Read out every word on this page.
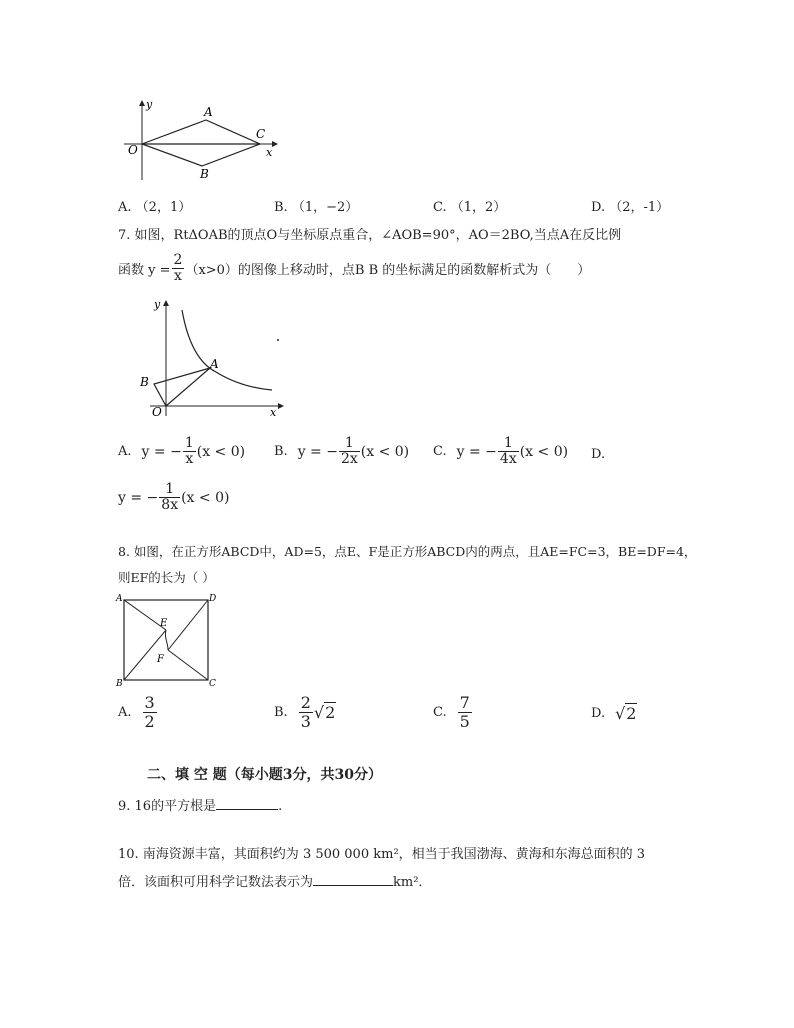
y
x
O
A
B
C
A. （2，1）	B. （1，−2）	C. （1，2）	D. （2，-1）
7. 如图，RtΔOAB的顶点O与坐标原点重合，∠AOB=90°，AO＝2BO,当点A在反比例
函数 $y = \frac{2}{x} (x>0)$的图像上移动时，点B B 的坐标满足的函数解析式为（　　）
y
x
O
A
B
A. y = − $\frac{1}{x} (x < 0)$ B. y = − $\frac{1}{2x} (x < 0)$ C. y = − $\frac{1}{4x} (x < 0)$ D.
y = − $\frac{1}{8x} (x < 0)$
8. 如图，在正方形ABCD中，AD=5，点E、F是正方形ABCD内的两点，且AE=FC=3，BE=DF=4，
则EF的长为（ ）
A	D
B	C
E
F
A. $\frac{3}{2}$	B. $\frac{2}{3} √2$	C. $\frac{7}{5}$	D. √2
二、填 空 题（每小题3分，共30分）
9. 16的平方根是	.
10. 南海资源丰富，其面积约为 3 500 000 km²，相当于我国渤海、黄海和东海总面积的 3
倍．该面积可用科学记数法表示为	km²．
